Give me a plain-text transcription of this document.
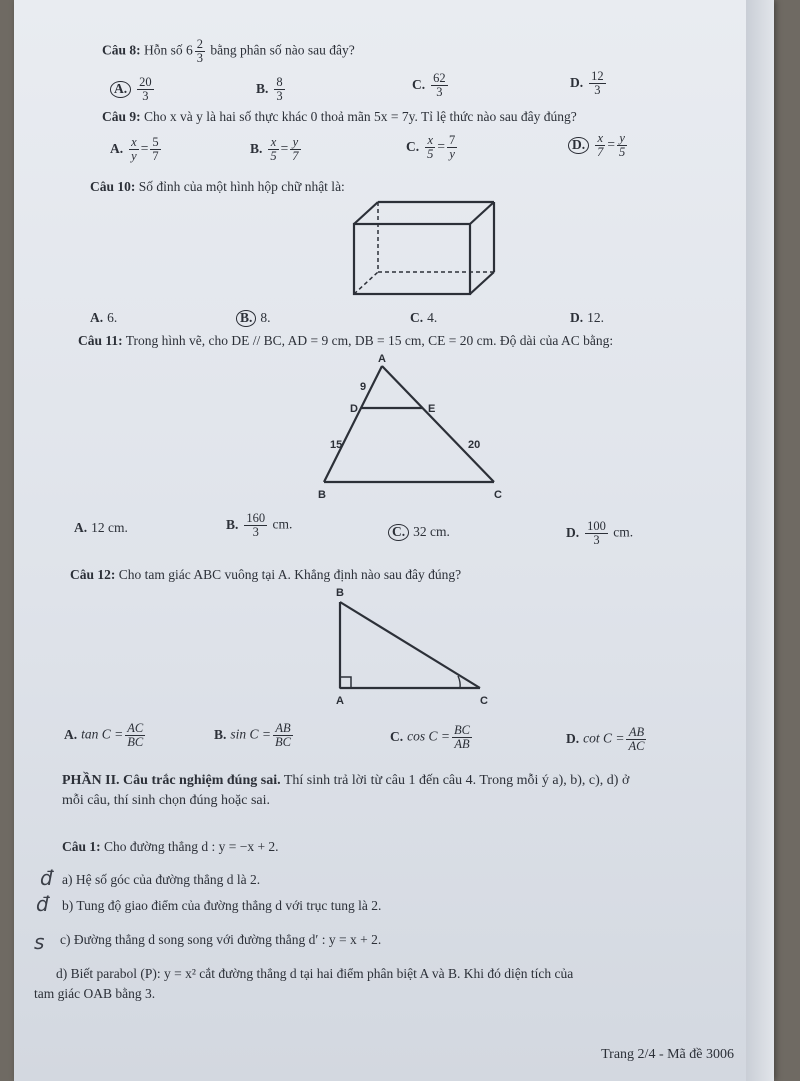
Câu 8: Hỗn số $6 \frac{2}{3}$ bằng phân số nào sau đây?
A. $\frac{20}{3}$	B. $\frac{8}{3}$	C. $\frac{62}{3}$	D. $\frac{12}{3}$
Câu 9: Cho x và y là hai số thực khác 0 thoả mãn 5x = 7y. Tỉ lệ thức nào sau đây đúng?
A. $\frac{x}{y} = \frac{5}{7}$	B. $\frac{x}{5} = \frac{y}{7}$	C. $\frac{x}{5} = \frac{7}{y}$	D. $\frac{x}{7} = \frac{y}{5}$
Câu 10: Số đỉnh của một hình hộp chữ nhật là:
A. 6.	B. 8.	C. 4.	D. 12.
Câu 11: Trong hình vẽ, cho DE // BC, AD = 9 cm, DB = 15 cm, CE = 20 cm. Độ dài của AC bằng:
A
D	E
B	C
9
15	20
A. 12 cm.	B. $\frac{160}{3}$ cm.	C. 32 cm.	D. $\frac{100}{3}$ cm.
Câu 12: Cho tam giác ABC vuông tại A. Khẳng định nào sau đây đúng?
B
A	C
A. $\tan C = \frac{AC}{BC}$	B. $\sin C = \frac{AB}{BC}$	C. $\cos C = \frac{BC}{AB}$	D. $\cot C = \frac{AB}{AC}$
PHẦN II. Câu trắc nghiệm đúng sai. Thí sinh trả lời từ câu 1 đến câu 4. Trong mỗi ý a), b), c), d) ở
mỗi câu, thí sinh chọn đúng hoặc sai.
Câu 1: Cho đường thẳng d : y = −x + 2.
đ a) Hệ số góc của đường thẳng d là 2.
đ b) Tung độ giao điểm của đường thẳng d với trục tung là 2.
s c) Đường thẳng d song song với đường thẳng d′ : y = x + 2.
d) Biết parabol (P): y = x² cắt đường thẳng d tại hai điểm phân biệt A và B. Khi đó diện tích của
tam giác OAB bằng 3.
Trang 2/4 - Mã đề 3006
